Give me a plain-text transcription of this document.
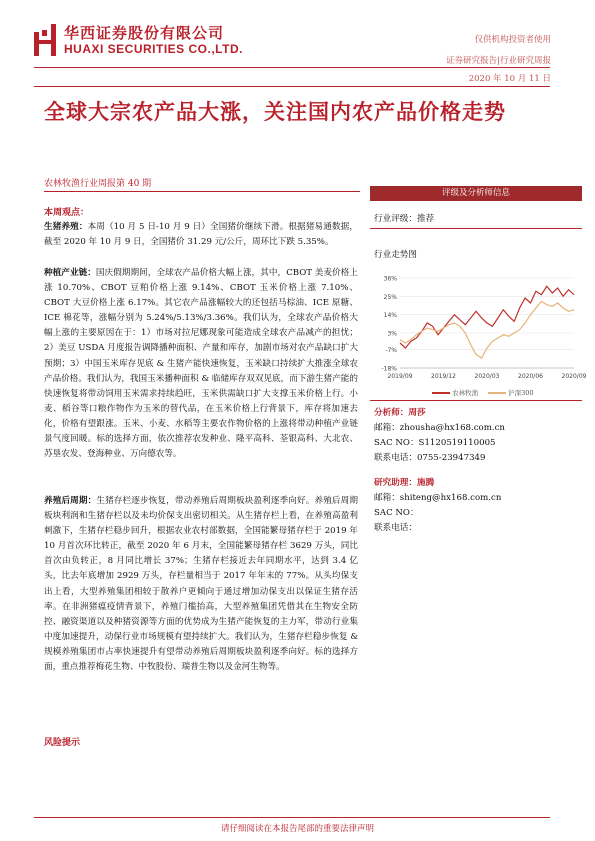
华西证券股份有限公司
HUAXI SECURITIES CO.,LTD.
仅供机构投资者使用
证券研究报告|行业研究周报
2020 年 10 月 11 日
全球大宗农产品大涨，关注国内农产品价格走势
农林牧渔行业周报第 40 期
本周观点：
生猪养殖：本周（10 月 5 日-10 月 9 日）全国猪价继续下滑。根据猪易通数据，截至 2020 年 10 月 9 日，全国猪价 31.29 元/公斤，周环比下跌 5.35%。
种植产业链：国庆假期期间，全球农产品价格大幅上涨，其中，CBOT 美麦价格上涨 10.70%、CBOT 豆粕价格上涨 9.14%、CBOT 玉米价格上涨 7.10%、CBOT 大豆价格上涨 6.17%。其它农产品涨幅较大的还包括马棕油、ICE 原糖、ICE 棉花等，涨幅分别为 5.24%/5.13%/3.36%。我们认为，全球农产品价格大幅上涨的主要原因在于：1）市场对拉尼娜现象可能造成全球农产品减产的担忧；2）美豆 USDA 月度报告调降播种面积、产量和库存，加剧市场对农产品缺口扩大预期；3）中国玉米库存见底 & 生猪产能快速恢复，玉米缺口持续扩大推涨全球农产品价格。我们认为，我国玉米播种面积 & 临储库存双双见底，而下游生猪产能的快速恢复将带动饲用玉米需求持续趋旺，玉米供需缺口扩大支撑玉米价格上行。小麦、稻谷等口粮作物作为玉米的替代品，在玉米价格上行背景下，库存将加速去化，价格有望跟涨。玉米、小麦、水稻等主要农作物价格的上涨将带动种植产业链景气度回暖。标的选择方面，依次推荐农发种业、隆平高科、荃银高科、大北农、苏垦农发、登海种业、万向德农等。
养殖后周期：生猪存栏逐步恢复，带动养殖后周期板块盈利逐季向好。养殖后周期板块利润和生猪存栏以及未均价保支出密切相关。从生猪存栏上看，在养殖高盈利刺激下，生猪存栏稳步回升，根据农业农村部数据，全国能繁母猪存栏于 2019 年 10 月首次环比转正，截至 2020 年 6 月末，全国能繁母猪存栏 3629 万头，同比首次由负转正，8 月同比增长 37%；生猪存栏接近去年同期水平，达到 3.4 亿头，比去年底增加 2929 万头，存栏量相当于 2017 年年末的 77%。从头均保支出上看，大型养殖集团相较于散养户更倾向于通过增加动保支出以保证生猪存活率。在非洲猪瘟疫情背景下，养殖门槛抬高，大型养殖集团凭借其在生物安全防控、融资渠道以及种猪资源等方面的优势成为生猪产能恢复的主力军，带动行业集中度加速提升，动保行业市场规模有望持续扩大。我们认为，生猪存栏稳步恢复 & 规模养殖集团市占率快速提升有望带动养殖后周期板块盈利逐季向好。标的选择方面，重点推荐梅花生物、中牧股份、瑞普生物以及金河生物等。
风险提示
评级及分析师信息
行业评级：推荐
行业走势图
36%
25%
14%
3%
-7%
-18%
2019/09	2019/12	2020/03	2020/06	2020/09
农林牧渔	沪深300
分析师：周莎
邮箱：zhousha@hx168.com.cn
SAC NO：S1120519110005
联系电话：0755-23947349
研究助理：施腾
邮箱：shiteng@hx168.com.cn
SAC NO：
联系电话：
请仔细阅读在本报告尾部的重要法律声明
